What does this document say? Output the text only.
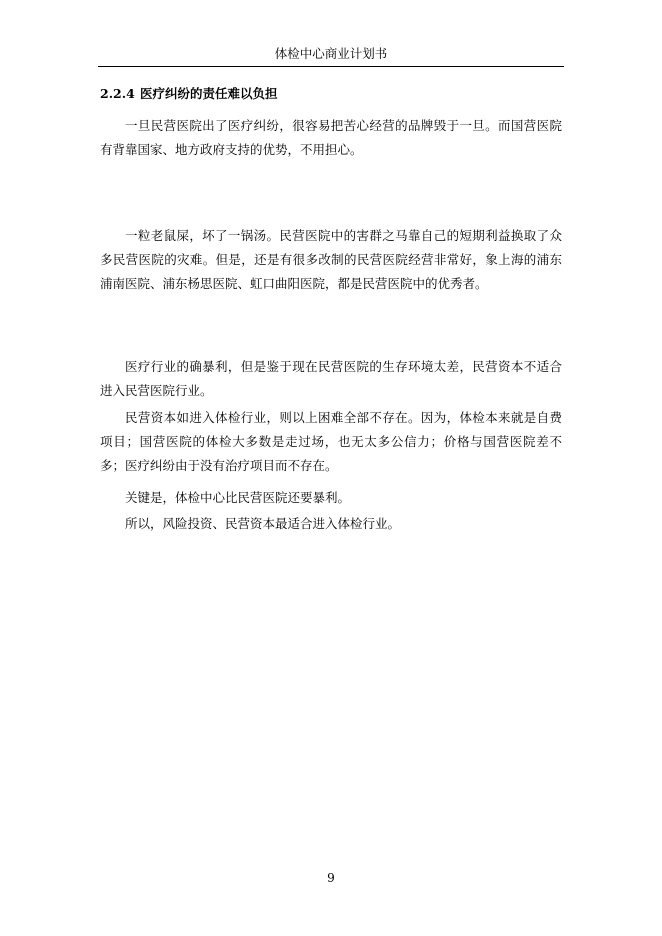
体检中心商业计划书
2.2.4 医疗纠纷的责任难以负担

一旦民营医院出了医疗纠纷，很容易把苦心经营的品牌毁于一旦。而国营医院有背靠国家、地方政府支持的优势，不用担心。

一粒老鼠屎，坏了一锅汤。民营医院中的害群之马靠自己的短期利益换取了众多民营医院的灾难。但是，还是有很多改制的民营医院经营非常好，象上海的浦东浦南医院、浦东杨思医院、虹口曲阳医院，都是民营医院中的优秀者。

医疗行业的确暴利，但是鉴于现在民营医院的生存环境太差，民营资本不适合进入民营医院行业。

民营资本如进入体检行业，则以上困难全部不存在。因为，体检本来就是自费项目；国营医院的体检大多数是走过场，也无太多公信力；价格与国营医院差不多；医疗纠纷由于没有治疗项目而不存在。

关键是，体检中心比民营医院还要暴利。

所以，风险投资、民营资本最适合进入体检行业。

9
